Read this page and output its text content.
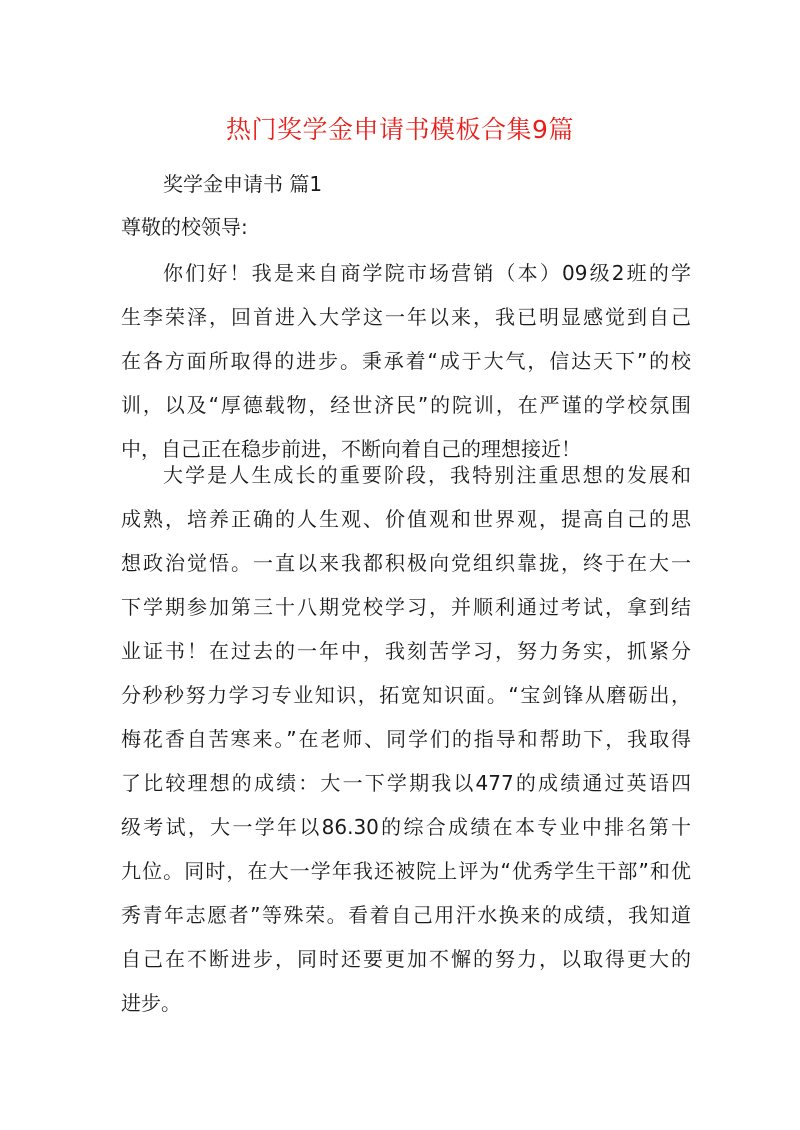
热门奖学金申请书模板合集9篇
奖学金申请书 篇1
尊敬的校领导:
你们好！我是来自商学院市场营销（本）09级2班的学
生李荣泽，回首进入大学这一年以来，我已明显感觉到自己
在各方面所取得的进步。秉承着“成于大气，信达天下”的校
训，以及“厚德载物，经世济民”的院训，在严谨的学校氛围
中，自己正在稳步前进，不断向着自己的理想接近！
大学是人生成长的重要阶段，我特别注重思想的发展和
成熟，培养正确的人生观、价值观和世界观，提高自己的思
想政治觉悟。一直以来我都积极向党组织靠拢，终于在大一
下学期参加第三十八期党校学习，并顺利通过考试，拿到结
业证书！在过去的一年中，我刻苦学习，努力务实，抓紧分
分秒秒努力学习专业知识，拓宽知识面。“宝剑锋从磨砺出，
梅花香自苦寒来。”在老师、同学们的指导和帮助下，我取得
了比较理想的成绩：大一下学期我以477的成绩通过英语四
级考试，大一学年以86.30的综合成绩在本专业中排名第十
九位。同时，在大一学年我还被院上评为“优秀学生干部”和优
秀青年志愿者”等殊荣。看着自己用汗水换来的成绩，我知道
自己在不断进步，同时还要更加不懈的努力，以取得更大的
进步。
